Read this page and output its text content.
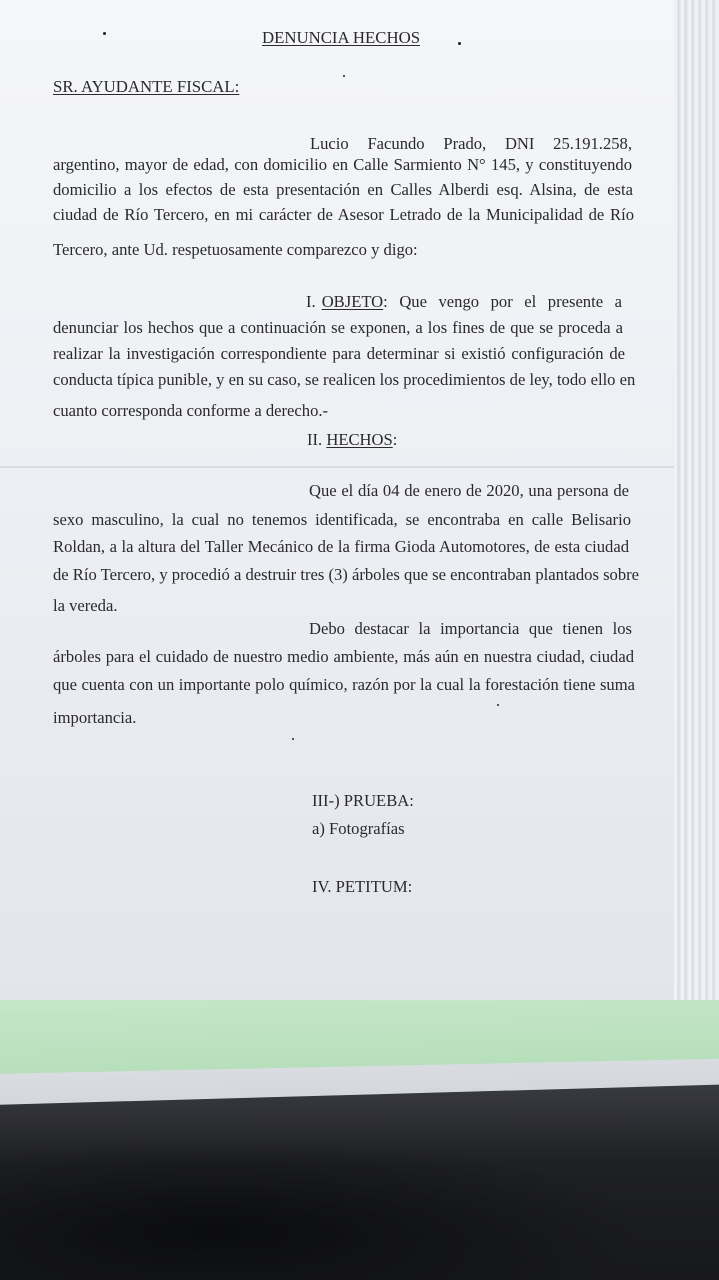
DENUNCIA HECHOS
SR. AYUDANTE FISCAL:
Lucio Facundo Prado, DNI 25.191.258,
argentino, mayor de edad, con domicilio en Calle Sarmiento N° 145, y constituyendo
domicilio a los efectos de esta presentación en Calles Alberdi esq. Alsina, de esta
ciudad de Río Tercero, en mi carácter de Asesor Letrado de la Municipalidad de Río
Tercero, ante Ud. respetuosamente comparezco y digo:
I. OBJETO : Que vengo por el presente a
denunciar los hechos que a continuación se exponen, a los fines de que se proceda a
realizar la investigación correspondiente para determinar si existió configuración de
conducta típica punible, y en su caso, se realicen los procedimientos de ley, todo ello en
cuanto corresponda conforme a derecho.-
II. HECHOS:
Que el día 04 de enero de 2020, una persona de
sexo masculino, la cual no tenemos identificada, se encontraba en calle Belisario
Roldan, a la altura del Taller Mecánico de la firma Gioda Automotores, de esta ciudad
de Río Tercero, y procedió a destruir tres (3) árboles que se encontraban plantados sobre
la vereda.
Debo destacar la importancia que tienen los
árboles para el cuidado de nuestro medio ambiente, más aún en nuestra ciudad, ciudad
que cuenta con un importante polo químico, razón por la cual la forestación tiene suma
importancia.
III-) PRUEBA:
a) Fotografías
IV. PETITUM:
